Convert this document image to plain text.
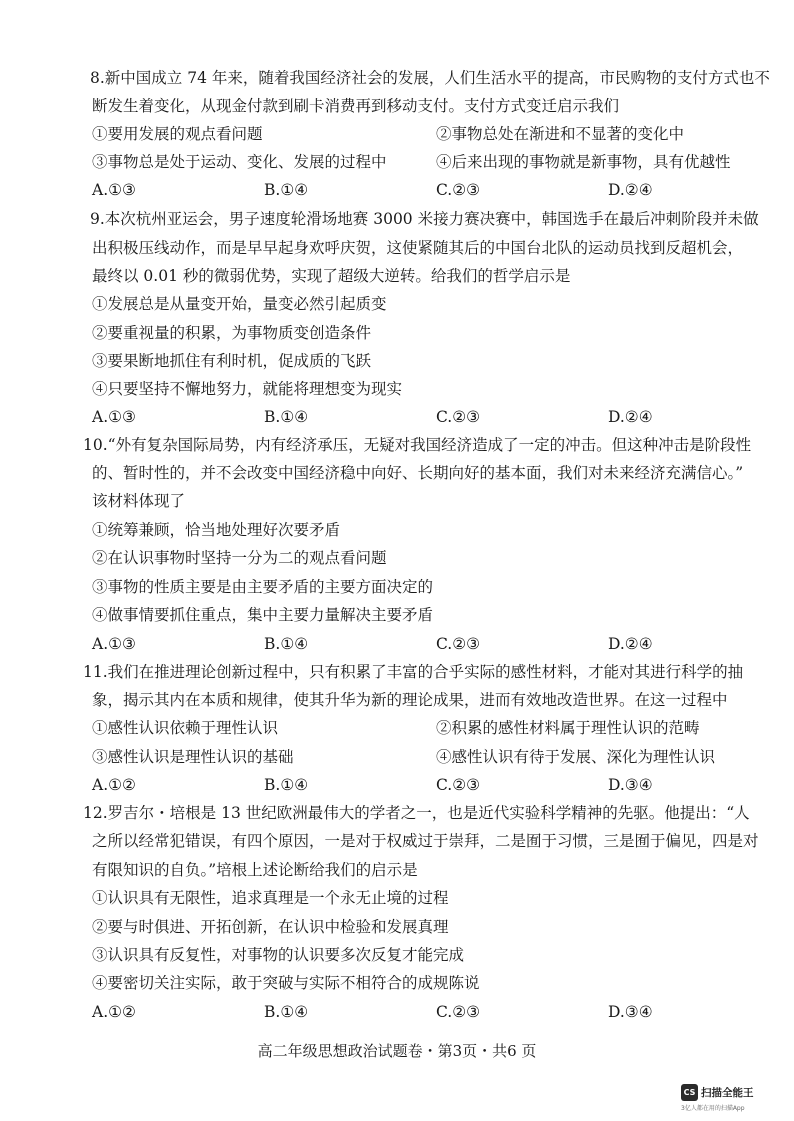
8.新中国成立 74 年来，随着我国经济社会的发展，人们生活水平的提高，市民购物的支付方式也不
断发生着变化，从现金付款到刷卡消费再到移动支付。支付方式变迁启示我们
①要用发展的观点看问题	②事物总处在渐进和不显著的变化中
③事物总是处于运动、变化、发展的过程中	④后来出现的事物就是新事物，具有优越性
A.①③	B.①④	C.②③	D.②④
9.本次杭州亚运会，男子速度轮滑场地赛 3000 米接力赛决赛中，韩国选手在最后冲刺阶段并未做
出积极压线动作，而是早早起身欢呼庆贺，这使紧随其后的中国台北队的运动员找到反超机会，
最终以 0.01 秒的微弱优势，实现了超级大逆转。给我们的哲学启示是
①发展总是从量变开始，量变必然引起质变
②要重视量的积累，为事物质变创造条件
③要果断地抓住有利时机，促成质的飞跃
④只要坚持不懈地努力，就能将理想变为现实
A.①③	B.①④	C.②③	D.②④
10.“外有复杂国际局势，内有经济承压，无疑对我国经济造成了一定的冲击。但这种冲击是阶段性
的、暂时性的，并不会改变中国经济稳中向好、长期向好的基本面，我们对未来经济充满信心。”
该材料体现了
①统筹兼顾，恰当地处理好次要矛盾
②在认识事物时坚持一分为二的观点看问题
③事物的性质主要是由主要矛盾的主要方面决定的
④做事情要抓住重点，集中主要力量解决主要矛盾
A.①③	B.①④	C.②③	D.②④
11.我们在推进理论创新过程中，只有积累了丰富的合乎实际的感性材料，才能对其进行科学的抽
象，揭示其内在本质和规律，使其升华为新的理论成果，进而有效地改造世界。在这一过程中
①感性认识依赖于理性认识	②积累的感性材料属于理性认识的范畴
③感性认识是理性认识的基础	④感性认识有待于发展、深化为理性认识
A.①②	B.①④	C.②③	D.③④
12.罗吉尔・培根是 13 世纪欧洲最伟大的学者之一，也是近代实验科学精神的先驱。他提出：“人
之所以经常犯错误，有四个原因，一是对于权威过于崇拜，二是囿于习惯，三是囿于偏见，四是对
有限知识的自负。”培根上述论断给我们的启示是
①认识具有无限性，追求真理是一个永无止境的过程
②要与时俱进、开拓创新，在认识中检验和发展真理
③认识具有反复性，对事物的认识要多次反复才能完成
④要密切关注实际，敢于突破与实际不相符合的成规陈说
A.①②	B.①④	C.②③	D.③④
高二年级思想政治试题卷・第3页・共6 页
CS 扫描全能王
3亿人都在用的扫描App
